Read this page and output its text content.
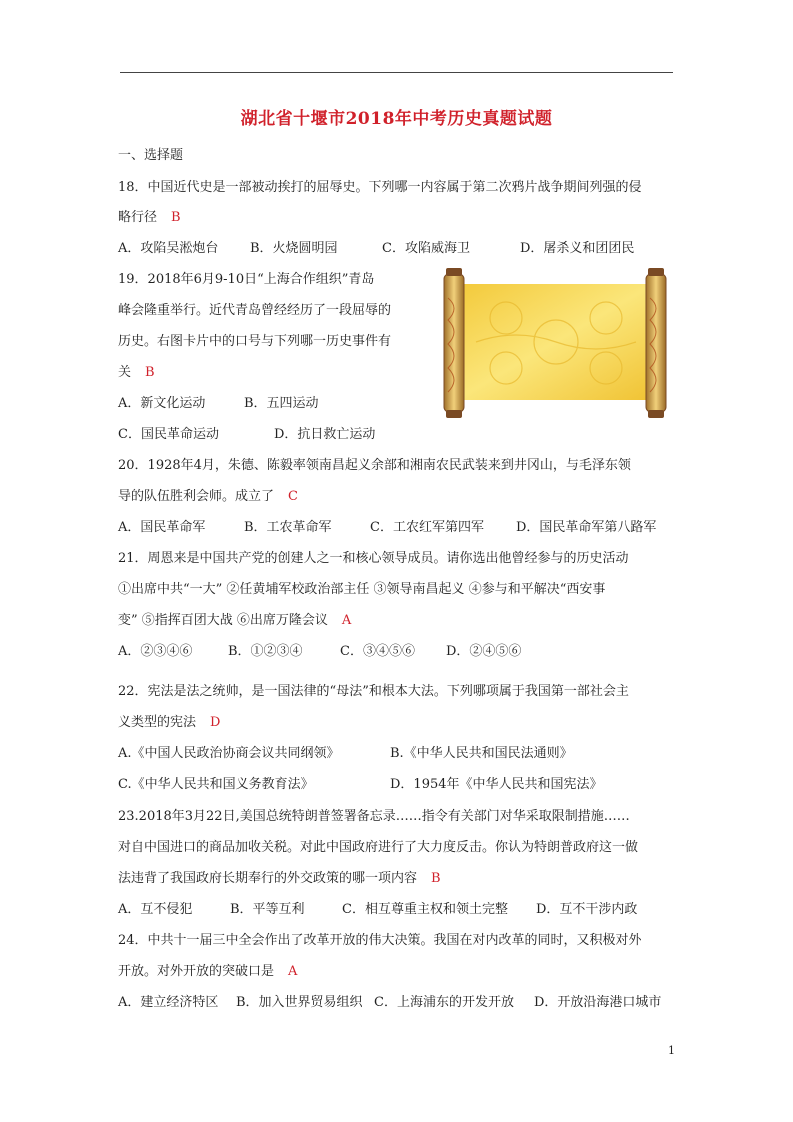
湖北省十堰市2018年中考历史真题试题
一、选择题
18．中国近代史是一部被动挨打的屈辱史。下列哪一内容属于第二次鸦片战争期间列强的侵
略行径 B
A．攻陷吴淞炮台 B．火烧圆明园	C．攻陷威海卫	D．屠杀义和团团民
19．2018年6月9-10日“上海合作组织”青岛
峰会隆重举行。近代青岛曾经经历了一段屈辱的
历史。右图卡片中的口号与下列哪一历史事件有
关 B
A．新文化运动	B．五四运动
C．国民革命运动	D．抗日救亡运动
20．1928年4月，朱德、陈毅率领南昌起义余部和湘南农民武装来到井冈山，与毛泽东领
导的队伍胜利会师。成立了 C
A．国民革命军	B．工农革命军	C．工农红军第四军 D．国民革命军第八路军
21．周恩来是中国共产党的创建人之一和核心领导成员。请你选出他曾经参与的历史活动
①出席中共“一大” ②任黄埔军校政治部主任 ③领导南昌起义 ④参与和平解决“西安事
变” ⑤指挥百团大战 ⑥出席万隆会议 A
A．②③④⑥	B．①②③④	C．③④⑤⑥ D．②④⑤⑥
22．宪法是法之统帅，是一国法律的“母法”和根本大法。下列哪项属于我国第一部社会主
义类型的宪法 D
A.《中国人民政治协商会议共同纲领》	B.《中华人民共和国民法通则》
C.《中华人民共和国义务教育法》	D．1954年《中华人民共和国宪法》
23.2018年3月22日,美国总统特朗普签署备忘录……指令有关部门对华采取限制措施……
对自中国进口的商品加收关税。对此中国政府进行了大力度反击。你认为特朗普政府这一做
法违背了我国政府长期奉行的外交政策的哪一项内容 B
A．互不侵犯	B．平等互利	C．相互尊重主权和领土完整 D．互不干涉内政
24．中共十一届三中全会作出了改革开放的伟大决策。我国在对内改革的同时，又积极对外
开放。对外开放的突破口是 A
A．建立经济特区 B．加入世界贸易组织 C．上海浦东的开发开放 D．开放沿海港口城市
1
